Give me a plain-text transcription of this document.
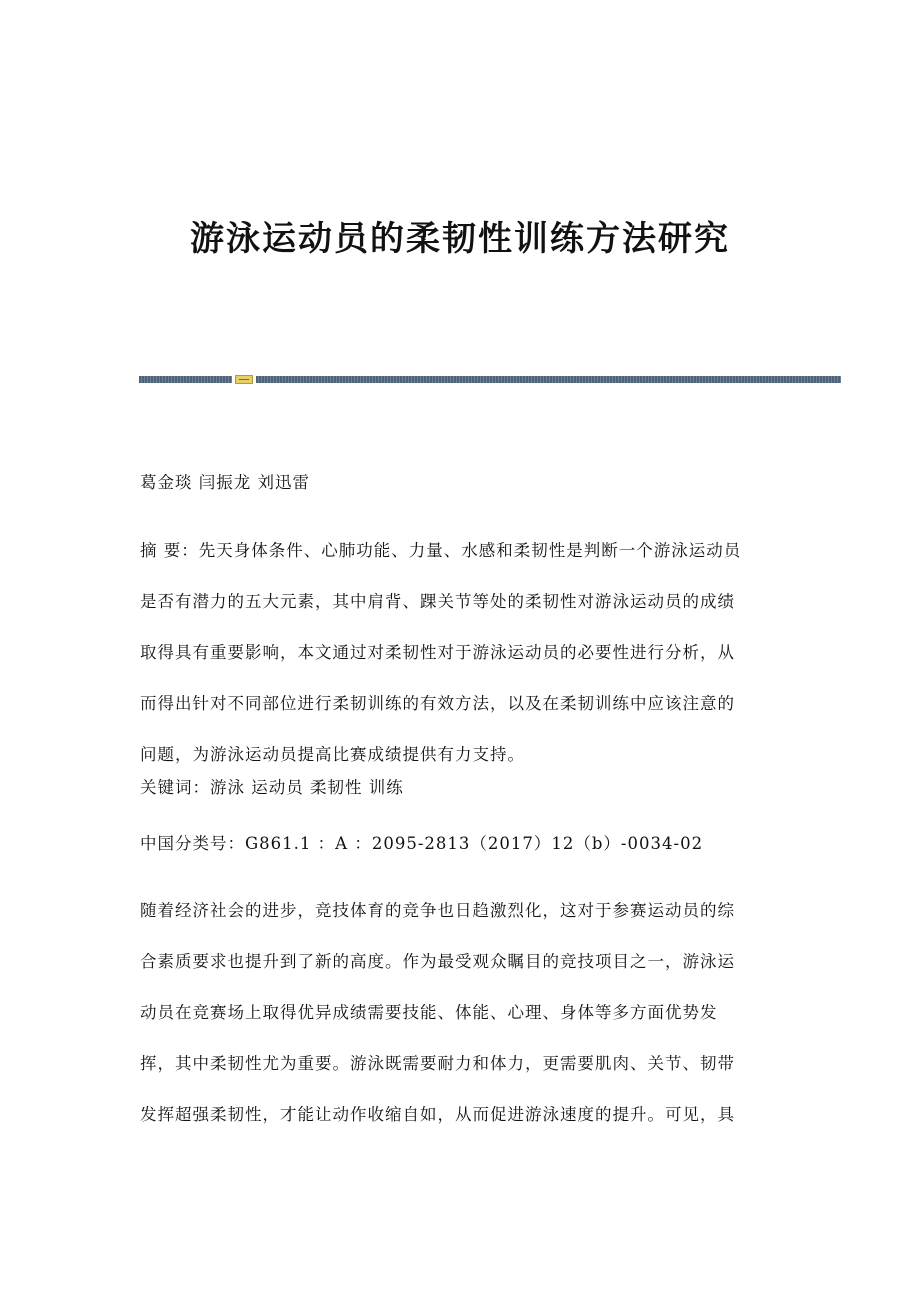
游泳运动员的柔韧性训练方法研究

葛金琰 闫振龙 刘迅雷

摘 要：先天身体条件、心肺功能、力量、水感和柔韧性是判断一个游泳运动员
是否有潜力的五大元素，其中肩背、踝关节等处的柔韧性对游泳运动员的成绩
取得具有重要影响，本文通过对柔韧性对于游泳运动员的必要性进行分析，从
而得出针对不同部位进行柔韧训练的有效方法，以及在柔韧训练中应该注意的
问题，为游泳运动员提高比赛成绩提供有力支持。

关键词：游泳 运动员 柔韧性 训练

中国分类号：G861.1 ：A ：2095-2813（2017）12（b）-0034-02

随着经济社会的进步，竞技体育的竞争也日趋激烈化，这对于参赛运动员的综
合素质要求也提升到了新的高度。作为最受观众瞩目的竞技项目之一，游泳运
动员在竞赛场上取得优异成绩需要技能、体能、心理、身体等多方面优势发
挥，其中柔韧性尤为重要。游泳既需要耐力和体力，更需要肌肉、关节、韧带
发挥超强柔韧性，才能让动作收缩自如，从而促进游泳速度的提升。可见，具
